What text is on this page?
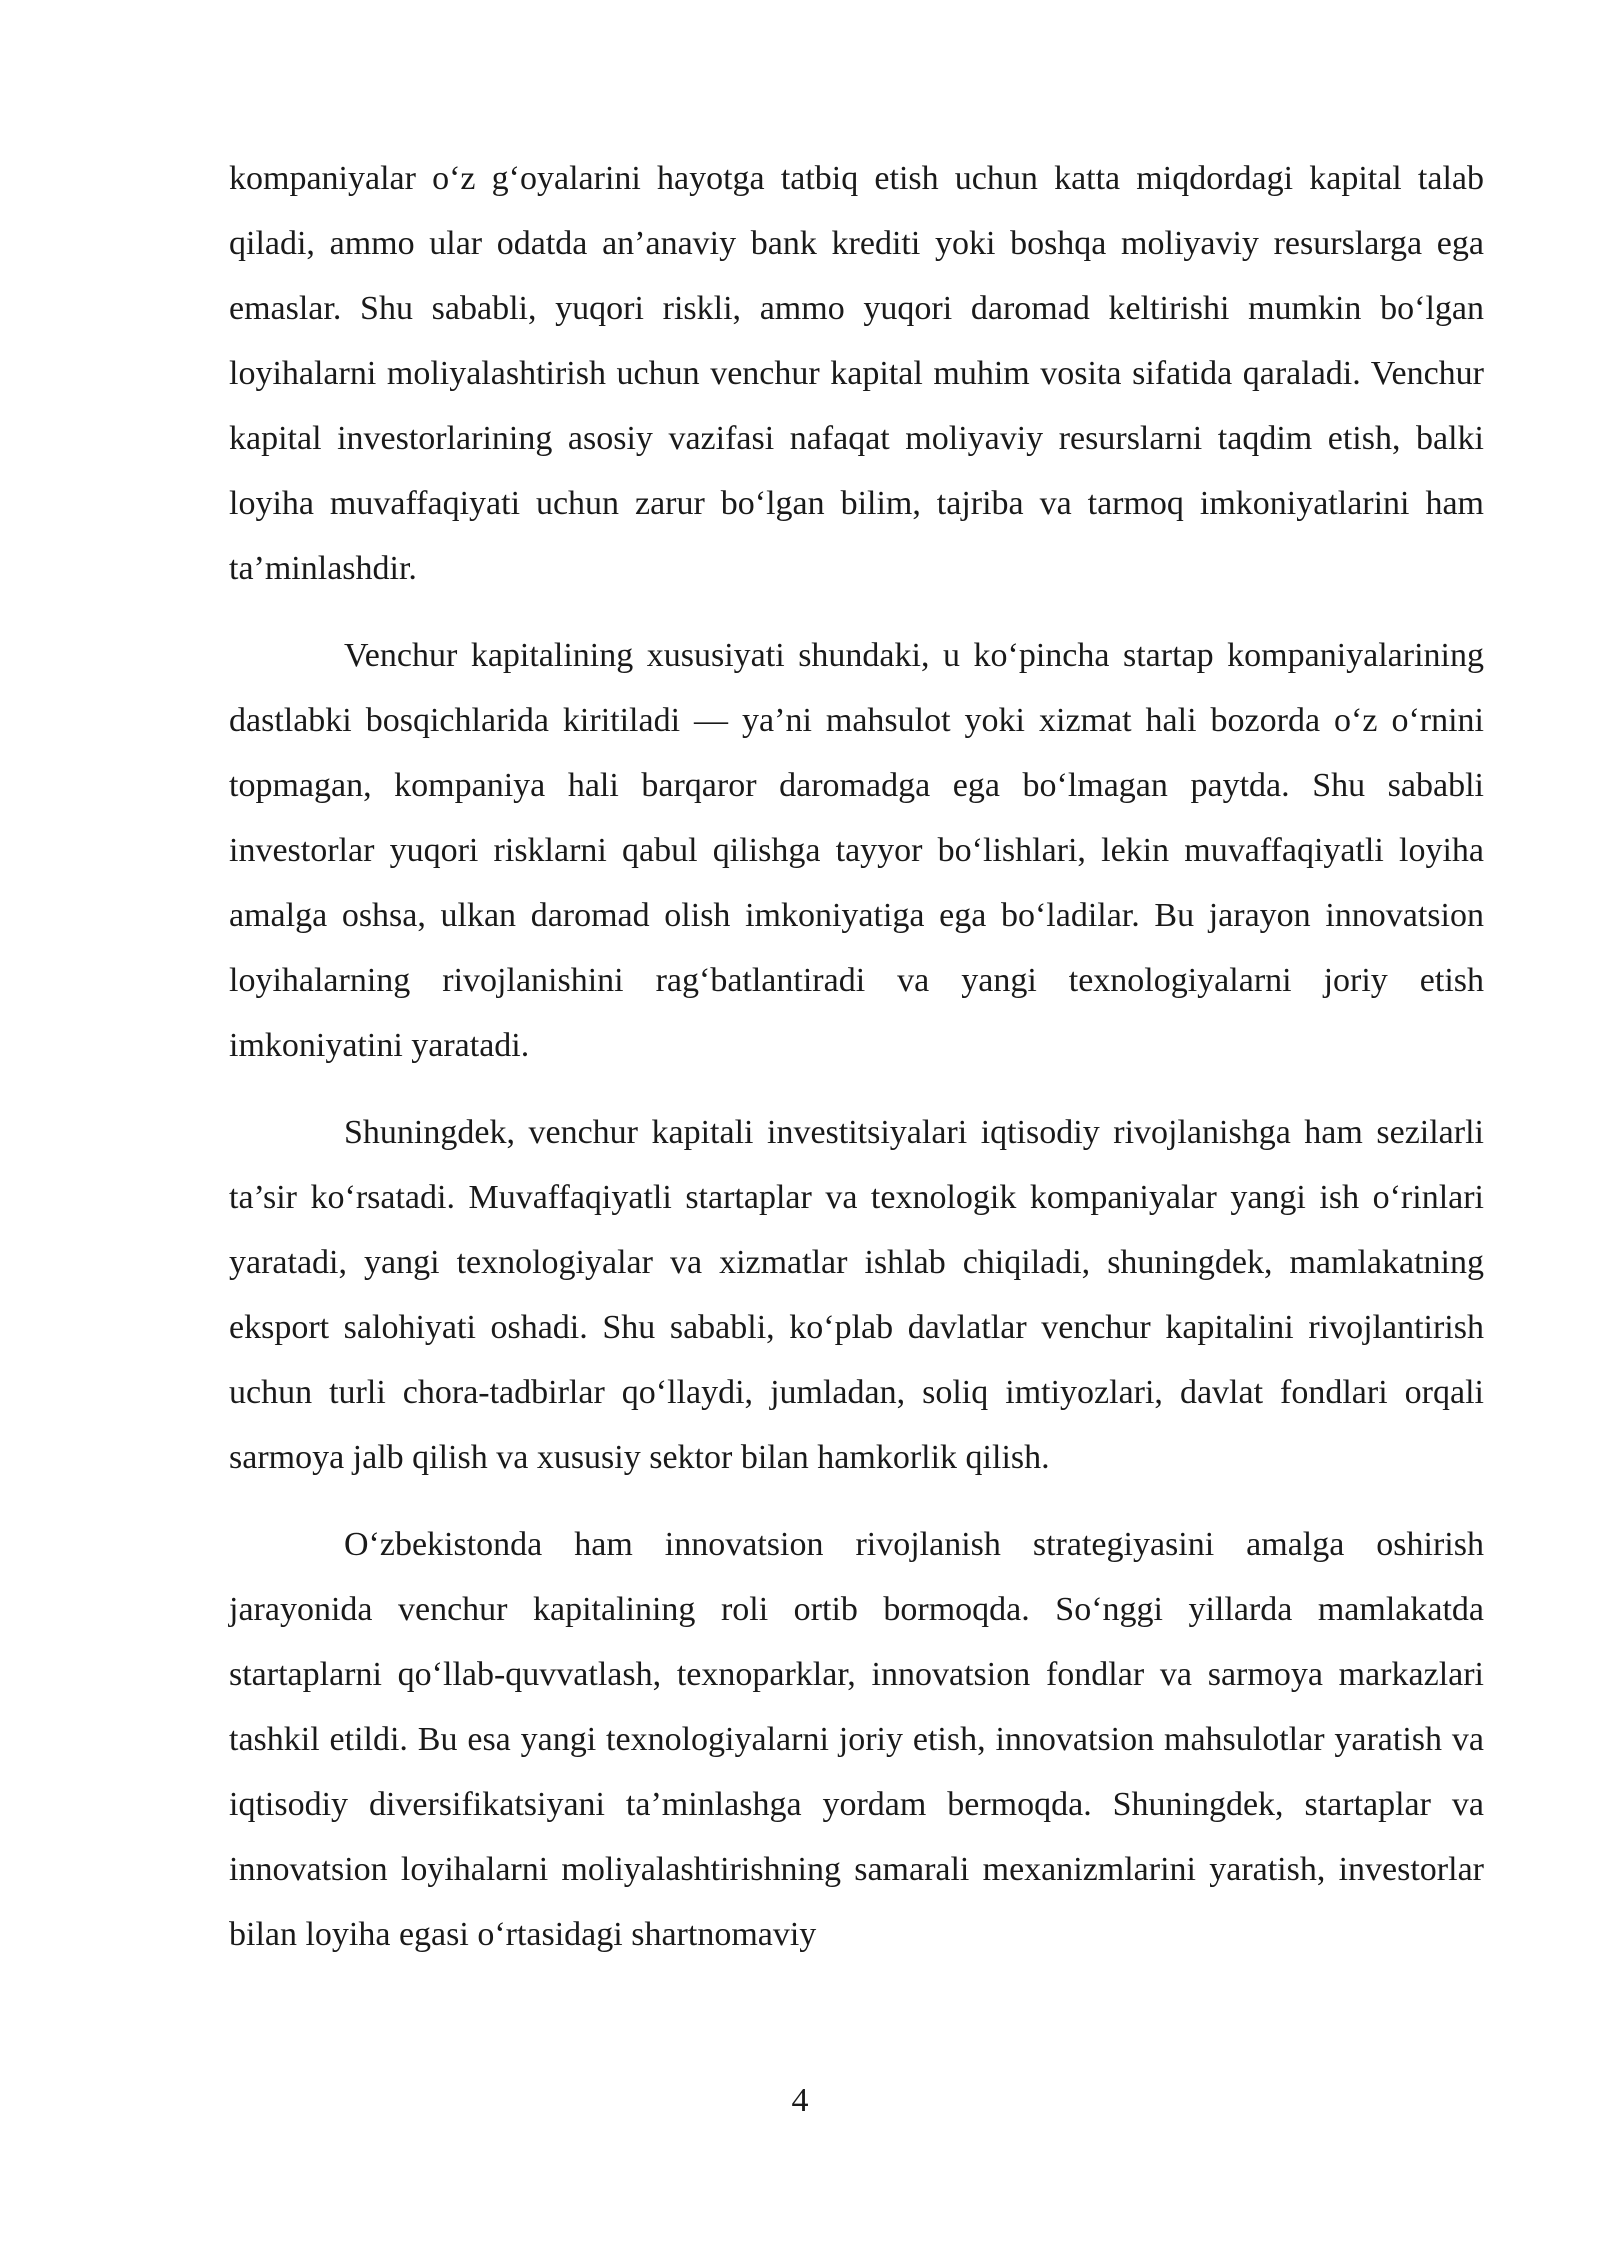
kompaniyalar o‘z g‘oyalarini hayotga tatbiq etish uchun katta miqdordagi kapital talab qiladi, ammo ular odatda an’anaviy bank krediti yoki boshqa moliyaviy resurslarga ega emaslar. Shu sababli, yuqori riskli, ammo yuqori daromad keltirishi mumkin bo‘lgan loyihalarni moliyalashtirish uchun venchur kapital muhim vosita sifatida qaraladi. Venchur kapital investorlarining asosiy vazifasi nafaqat moliyaviy resurslarni taqdim etish, balki loyiha muvaffaqiyati uchun zarur bo‘lgan bilim, tajriba va tarmoq imkoniyatlarini ham ta’minlashdir.

Venchur kapitalining xususiyati shundaki, u ko‘pincha startap kompaniyalarining dastlabki bosqichlarida kiritiladi — ya’ni mahsulot yoki xizmat hali bozorda o‘z o‘rnini topmagan, kompaniya hali barqaror daromadga ega bo‘lmagan paytda. Shu sababli investorlar yuqori risklarni qabul qilishga tayyor bo‘lishlari, lekin muvaffaqiyatli loyiha amalga oshsa, ulkan daromad olish imkoniyatiga ega bo‘ladilar. Bu jarayon innovatsion loyihalarning rivojlanishini rag‘batlantiradi va yangi texnologiyalarni joriy etish imkoniyatini yaratadi.

Shuningdek, venchur kapitali investitsiyalari iqtisodiy rivojlanishga ham sezilarli ta’sir ko‘rsatadi. Muvaffaqiyatli startaplar va texnologik kompaniyalar yangi ish o‘rinlari yaratadi, yangi texnologiyalar va xizmatlar ishlab chiqiladi, shuningdek, mamlakatning eksport salohiyati oshadi. Shu sababli, ko‘plab davlatlar venchur kapitalini rivojlantirish uchun turli chora-tadbirlar qo‘llaydi, jumladan, soliq imtiyozlari, davlat fondlari orqali sarmoya jalb qilish va xususiy sektor bilan hamkorlik qilish.

O‘zbekistonda ham innovatsion rivojlanish strategiyasini amalga oshirish jarayonida venchur kapitalining roli ortib bormoqda. So‘nggi yillarda mamlakatda startaplarni qo‘llab-quvvatlash, texnoparklar, innovatsion fondlar va sarmoya markazlari tashkil etildi. Bu esa yangi texnologiyalarni joriy etish, innovatsion mahsulotlar yaratish va iqtisodiy diversifikatsiyani ta’minlashga yordam bermoqda. Shuningdek, startaplar va innovatsion loyihalarni moliyalashtirishning samarali mexanizmlarini yaratish, investorlar bilan loyiha egasi o‘rtasidagi shartnomaviy

4
